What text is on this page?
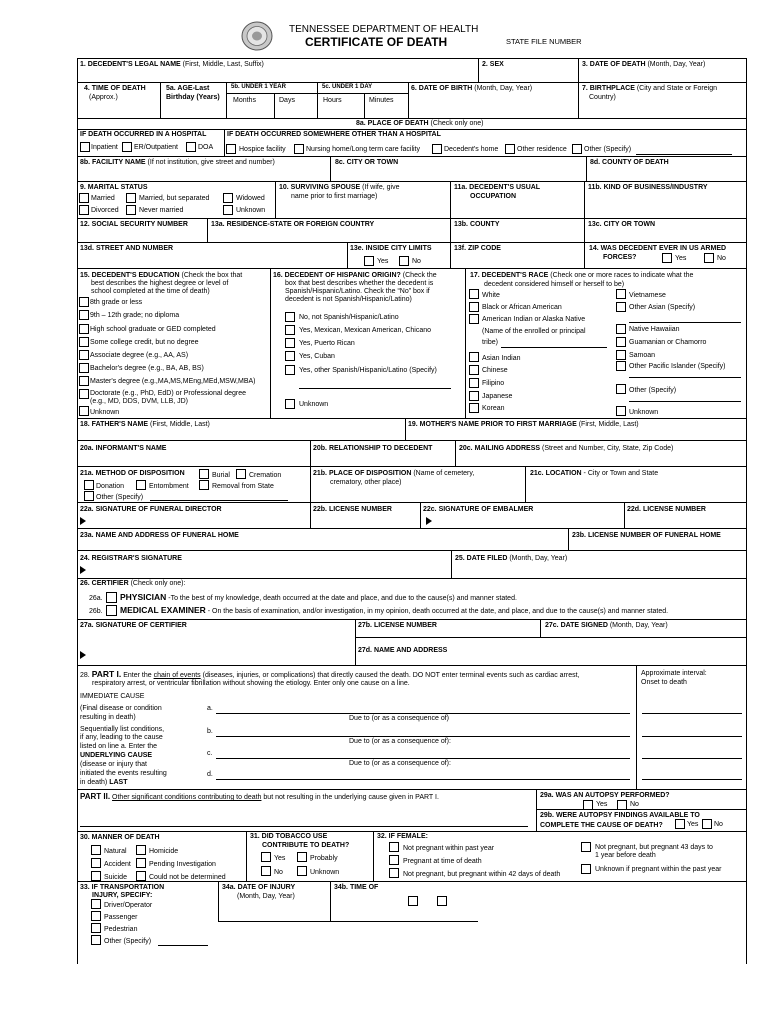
TENNESSEE DEPARTMENT OF HEALTH
CERTIFICATE OF DEATH	STATE FILE NUMBER
1. DECEDENT'S LEGAL NAME (First, Middle, Last, Suffix)	2. SEX	3. DATE OF DEATH (Month, Day, Year)
4. TIME OF DEATH
(Approx.)
5a. AGE-Last
Birthday (Years)
5b. UNDER 1 YEAR
Months	Days
5c. UNDER 1 DAY
Hours	Minutes
6. DATE OF BIRTH (Month, Day, Year)	7. BIRTHPLACE (City and State or Foreign
Country)
8a. PLACE OF DEATH (Check only one)
IF DEATH OCCURRED IN A HOSPITAL	IF DEATH OCCURRED SOMEWHERE OTHER THAN A HOSPITAL
Inpatient ER/Outpatient	DOA	Hospice facility	Nursing home/Long term care facility	Decedent's home	Other residence Other (Specify)
8b. FACILITY NAME (If not institution, give street and number)	8c. CITY OR TOWN	8d. COUNTY OF DEATH
9. MARITAL STATUS
Married	Married, but separated	Widowed
Divorced	Never married	Unknown
10. SURVIVING SPOUSE (If wife, give
name prior to first marriage)
11a. DECEDENT'S USUAL
OCCUPATION
11b. KIND OF BUSINESS/INDUSTRY
12. SOCIAL SECURITY NUMBER	13a. RESIDENCE-STATE OR FOREIGN COUNTRY	13b. COUNTY	13c. CITY OR TOWN
13d. STREET AND NUMBER	13e. INSIDE CITY LIMITS
Yes	No
13f. ZIP CODE	14. WAS DECEDENT EVER IN US ARMED
FORCES?	Yes	No
15. DECEDENT'S EDUCATION (Check the box that
best describes the highest degree or level of
school completed at the time of death)
8th grade or less
9th – 12th grade; no diploma
High school graduate or GED completed
Some college credit, but no degree
Associate degree (e.g., AA, AS)
Bachelor's degree (e.g., BA, AB, BS)
Master's degree (e.g.,MA,MS,MEng,MEd,MSW,MBA)
Doctorate (e.g., PhD, EdD) or Professional degree
(e.g., MD, DDS, DVM, LLB, JD)
Unknown
16. DECEDENT OF HISPANIC ORIGIN? (Check the
box that best describes whether the decedent is
Spanish/Hispanic/Latino. Check the “No” box if
decedent is not Spanish/Hispanic/Latino)
No, not Spanish/Hispanic/Latino
Yes, Mexican, Mexican American, Chicano
Yes, Puerto Rican
Yes, Cuban
Yes, other Spanish/Hispanic/Latino (Specify)
Unknown
17. DECEDENT'S RACE (Check one or more races to indicate what the
decedent considered himself or herself to be)
White
Black or African American
American Indian or Alaska Native
(Name of the enrolled or principal
tribe)
Asian Indian
Chinese
Filipino
Japanese
Korean
Vietnamese
Other Asian (Specify)
Native Hawaiian
Guamanian or Chamorro
Samoan
Other Pacific Islander (Specify)
Other (Specify)
Unknown
18. FATHER'S NAME (First, Middle, Last)	19. MOTHER'S NAME PRIOR TO FIRST MARRIAGE (First, Middle, Last)
20a. INFORMANT'S NAME	20b. RELATIONSHIP TO DECEDENT	20c. MAILING ADDRESS (Street and Number, City, State, Zip Code)
21a. METHOD OF DISPOSITION	Burial	Cremation
Donation	Entombment	Removal from State
Other (Specify)
21b. PLACE OF DISPOSITION (Name of cemetery,
crematory, other place)
21c. LOCATION - City or Town and State
22a. SIGNATURE OF FUNERAL DIRECTOR	22b. LICENSE NUMBER	22c. SIGNATURE OF EMBALMER	22d. LICENSE NUMBER
23a. NAME AND ADDRESS OF FUNERAL HOME	23b. LICENSE NUMBER OF FUNERAL HOME
24. REGISTRAR'S SIGNATURE	25. DATE FILED (Month, Day, Year)
26. CERTIFIER (Check only one):
26a. PHYSICIAN -To the best of my knowledge, death occurred at the date and place, and due to the cause(s) and manner stated.
26b. MEDICAL EXAMINER - On the basis of examination, and/or investigation, in my opinion, death occurred at the date, and place, and due to the cause(s) and manner stated.
27a. SIGNATURE OF CERTIFIER	27b. LICENSE NUMBER	27c. DATE SIGNED (Month, Day, Year)
27d. NAME AND ADDRESS
28. PART I. Enter the chain of events (diseases, injuries, or complications) that directly caused the death. DO NOT enter terminal events such as cardiac arrest,
respiratory arrest, or ventricular fibrillation without showing the etiology. Enter only one cause on a line.
Approximate interval:
Onset to death
IMMEDIATE CAUSE
(Final disease or condition
resulting in death)
a.
Due to (or as a consequence of)
Sequentially list conditions,
if any, leading to the cause
listed on line a. Enter the
b.
Due to (or as a consequence of):
UNDERLYING CAUSE
(disease or injury that
initiated the events resulting
in death) LAST
c.
Due to (or as a consequence of):
d.
PART II. Other significant conditions contributing to death but not resulting in the underlying cause given in PART I.	29a. WAS AN AUTOPSY PERFORMED?
Yes	No
29b. WERE AUTOPSY FINDINGS AVAILABLE TO
COMPLETE THE CAUSE OF DEATH?	Yes No
30. MANNER OF DEATH
Natural	Homicide
Accident	Pending Investigation
Suicide	Could not be determined
31. DID TOBACCO USE
CONTRIBUTE TO DEATH?
Yes	Probably
No	Unknown
32. IF FEMALE:
Not pregnant within past year
Pregnant at time of death
Not pregnant, but pregnant within 42 days of death
Not pregnant, but pregnant 43 days to
1 year before death
Unknown if pregnant within the past year
33. IF TRANSPORTATION
INJURY, SPECIFY:
Driver/Operator
Passenger
Pedestrian
Other (Specify)
34a. DATE OF INJURY
(Month, Day, Year)
34b. TIME OF
